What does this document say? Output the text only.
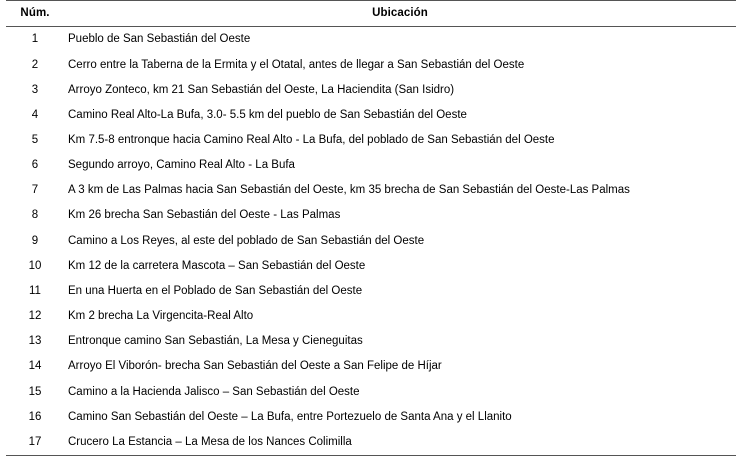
Núm.	Ubicación
1	Pueblo de San Sebastián del Oeste
2	Cerro entre la Taberna de la Ermita y el Otatal, antes de llegar a San Sebastián del Oeste
3	Arroyo Zonteco, km 21 San Sebastián del Oeste, La Haciendita (San Isidro)
4	Camino Real Alto-La Bufa, 3.0- 5.5 km del pueblo de San Sebastián del Oeste
5	Km 7.5-8 entronque hacia Camino Real Alto - La Bufa, del poblado de San Sebastián del Oeste
6	Segundo arroyo, Camino Real Alto - La Bufa
7	A 3 km de Las Palmas hacia San Sebastián del Oeste, km 35 brecha de San Sebastián del Oeste-Las Palmas
8	Km 26 brecha San Sebastián del Oeste - Las Palmas
9	Camino a Los Reyes, al este del poblado de San Sebastián del Oeste
10	Km 12 de la carretera Mascota – San Sebastián del Oeste
11	En una Huerta en el Poblado de San Sebastián del Oeste
12	Km 2 brecha La Virgencita-Real Alto
13	Entronque camino San Sebastián, La Mesa y Cieneguitas
14	Arroyo El Viborón- brecha San Sebastián del Oeste a San Felipe de Híjar
15	Camino a la Hacienda Jalisco – San Sebastián del Oeste
16	Camino San Sebastián del Oeste – La Bufa, entre Portezuelo de Santa Ana y el Llanito
17	Crucero La Estancia – La Mesa de los Nances Colimilla
